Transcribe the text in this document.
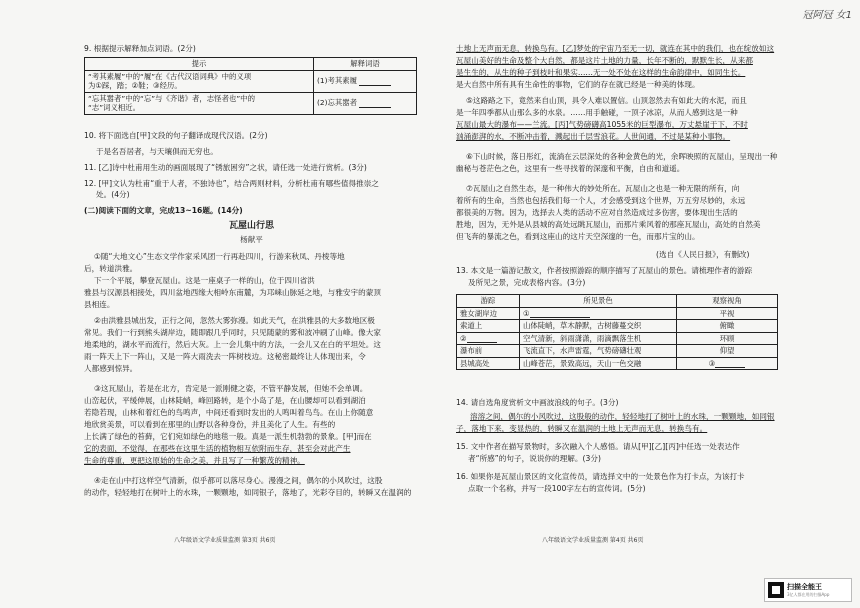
冠阿冠 女1
9. 根据提示解释加点词语。(2分)
提示	解释词语

“考其素履”中的“履”在《古代汉语词典》中的义项
为①踩，踏；②鞋；③经历。	(1)考其素履

“忘其嚣者”中的“忘”与《齐谐》者，志怪者也”中的
“志”词义相近。	(2)忘其嚣者
10. 将下面选自[甲]文段的句子翻译成现代汉语。(2分)
于是名吾居者，与天壤俱而无穷也。
11. [乙]诗中杜甫用生动的画面展现了“锈旅困穷”之状，请任选一处进行赏析。(3分)
12. [甲]文认为杜甫“重于人者，不独诗也”，结合两则材料，分析杜甫有哪些值得推崇之
处。(4分)
(二)阅读下面的文章，完成13~16题。(14分)
瓦屋山行思
杨献平
①随“大地文心”生态文学作家采风团一行再赴四川，行游来秋凤、丹棱等地
后，转道洪雅。
下一个平展，攀登瓦屋山。这是一座桌子一样的山，位于四川省洪
雅县与汉源县相接处，四川盆地西缘大相岭东南麓，为邛崃山脉延之地，与雅安宇的蒙顶
县相连。
②由洪雅县城出发，正行之间，忽然大雾弥漫。如此天气，在洪雅县的大多数地区极
常见。我们一行到熊头湖岸边，随即跟几乎同时，只见随蒙的雾和波冲刷了山峰。像大家
地柔地的，湖水平而流行，然后大灰。上一会儿集中的方法，一会儿又在白的平坦处。这
雨一阵天上下一阵山，又是一阵大雨洗去一阵树枝边。这秘密最终让人体现出来，令
人都感到惊异。
③这瓦屋山，若是在北方，肯定是一派刚健之姿，不管平静发展，但她不会单调。
山峦起伏，平缓伸展，山林陡峭，峰回路转，是个小岛了是，在山腰却可以看到湖泊
若隐若现，山林和着红色的鸟鸣声，中间还看到时发出的人鸣叫着鸟鸟。在山上你随意
地欣赏美景，可以看到在那里的山野以各种身份，并且美化了人生。有些的
上长满了绿色的苔藓，它们宛如绿色的地毯一般。真是一派生机勃勃的景象。[甲]而在
它的表面，不觉得，在那些在这里生活的植物相互依附而生存，甚至会对此产生
生命的尊重，更把这原始的生命之美，并且写了一种繁茂的精神。
④走在山中打这样空气清新，似乎都可以落尽身心。漫漫之间，偶尔的小风吹过，这股
的动作，轻轻地打在树叶上的水珠，一颗颗地，如同银子，落地了，光彩夺目的，转瞬又在温润的
八年级语文学业质量监测 第3页 共6页
土地上无声而无息，转换鸟有。[乙]梦处的宇宙乃至无一切，就连在其中的我们，也在绽放如这
瓦屋山美好的生命及整个大自然，都是这片土地的力量，长年不断的，默默生长，从来都
是生生的，从生的种子到枝叶和果实……无一处不处在这样的生命韵律中，如同生长。
是大自然中所有具有生命性的事物，它们的存在就已经是一种美的体现。
⑤这路路之下，竟然来自山顶，具令人难以置信。山顶忽然去有如此大的水泥，而且
是一年四季都从山那么多的水泉。……用手触碰，一顶子冰凉，从而人感到这是一种
瓦屋山最大的瀑布——兰流。[丙]气势磅礴高1055米的巨型瀑布，万丈悬崖于下，不时
汹涌澎湃的水，不断冲击着，溅起出千层雪浪花。人世间通，不过是某种小事物。
⑥下山时候，落日彤红，流淌在云层深处的各种金黄色的光，余晖映照的瓦屋山，呈现出一种
幽秘与苍茫色之色，这里有一些寻找着的深邃和平衡，自由和道遥。
⑦瓦屋山之自然生态，是一种伟大的妙处所在。瓦屋山之也是一种无限的所有，向
着所有的生命，当然也包括我们每一个人，才会感受到这个世界，万五穷尽妙的，永远
都很美的万物。因为，选择去人类的活动不应对自然造成过多伤害，要体现出生活的
胜地，因为，无外是从县城的高处远眺瓦屋山，而那片乘风着的那座瓦屋山，高处的自然美
但飞奔的暴流之色，看到这座山的这片天空深邃的一色，而那片宝的山。
(选自《人民日报》，有删改)
13. 本文是一篇游记散文，作者按照游踪的顺序描写了瓦屋山的景色。请梳理作者的游踪
及所见之景，完成表格内容。(3分)
游踪	所见景色	观察视角
雅女湖岸边	①	平视
索道上	山体陡峭，草木静默，古树藤蔓交织	俯瞰
②	空气清新，斜雨潇潇，雨滴飘落生机	环顾
瀑布前	飞流直下，水声雷霆，气势磅礴壮观	仰望
县城高处	山峰苍茫，景致高远，天山一色交融	③
14. 请自选角度赏析文中画波浪线的句子。(3分)
溶溶之间，偶尔的小风吹过，这股般的动作，轻轻地打了树叶上的水珠，一颗颗地，如同银
子，落地下来，变显热的，转瞬又在温润的土地上无声而无息，转换鸟有。
15. 文中作者在描写景物时，多次融入个人感悟。请从[甲][乙][丙]中任选一处表达作
者“所感”的句子，说说你的理解。(3分)
16. 如果你是瓦屋山景区的文化宣传员，请选择文中的一处景色作为打卡点，为该打卡
点取一个名称，并写一段100字左右的宣传词。(5分)
八年级语文学业质量监测 第4页 共6页
扫描全能王
3亿人都在用的扫描App
